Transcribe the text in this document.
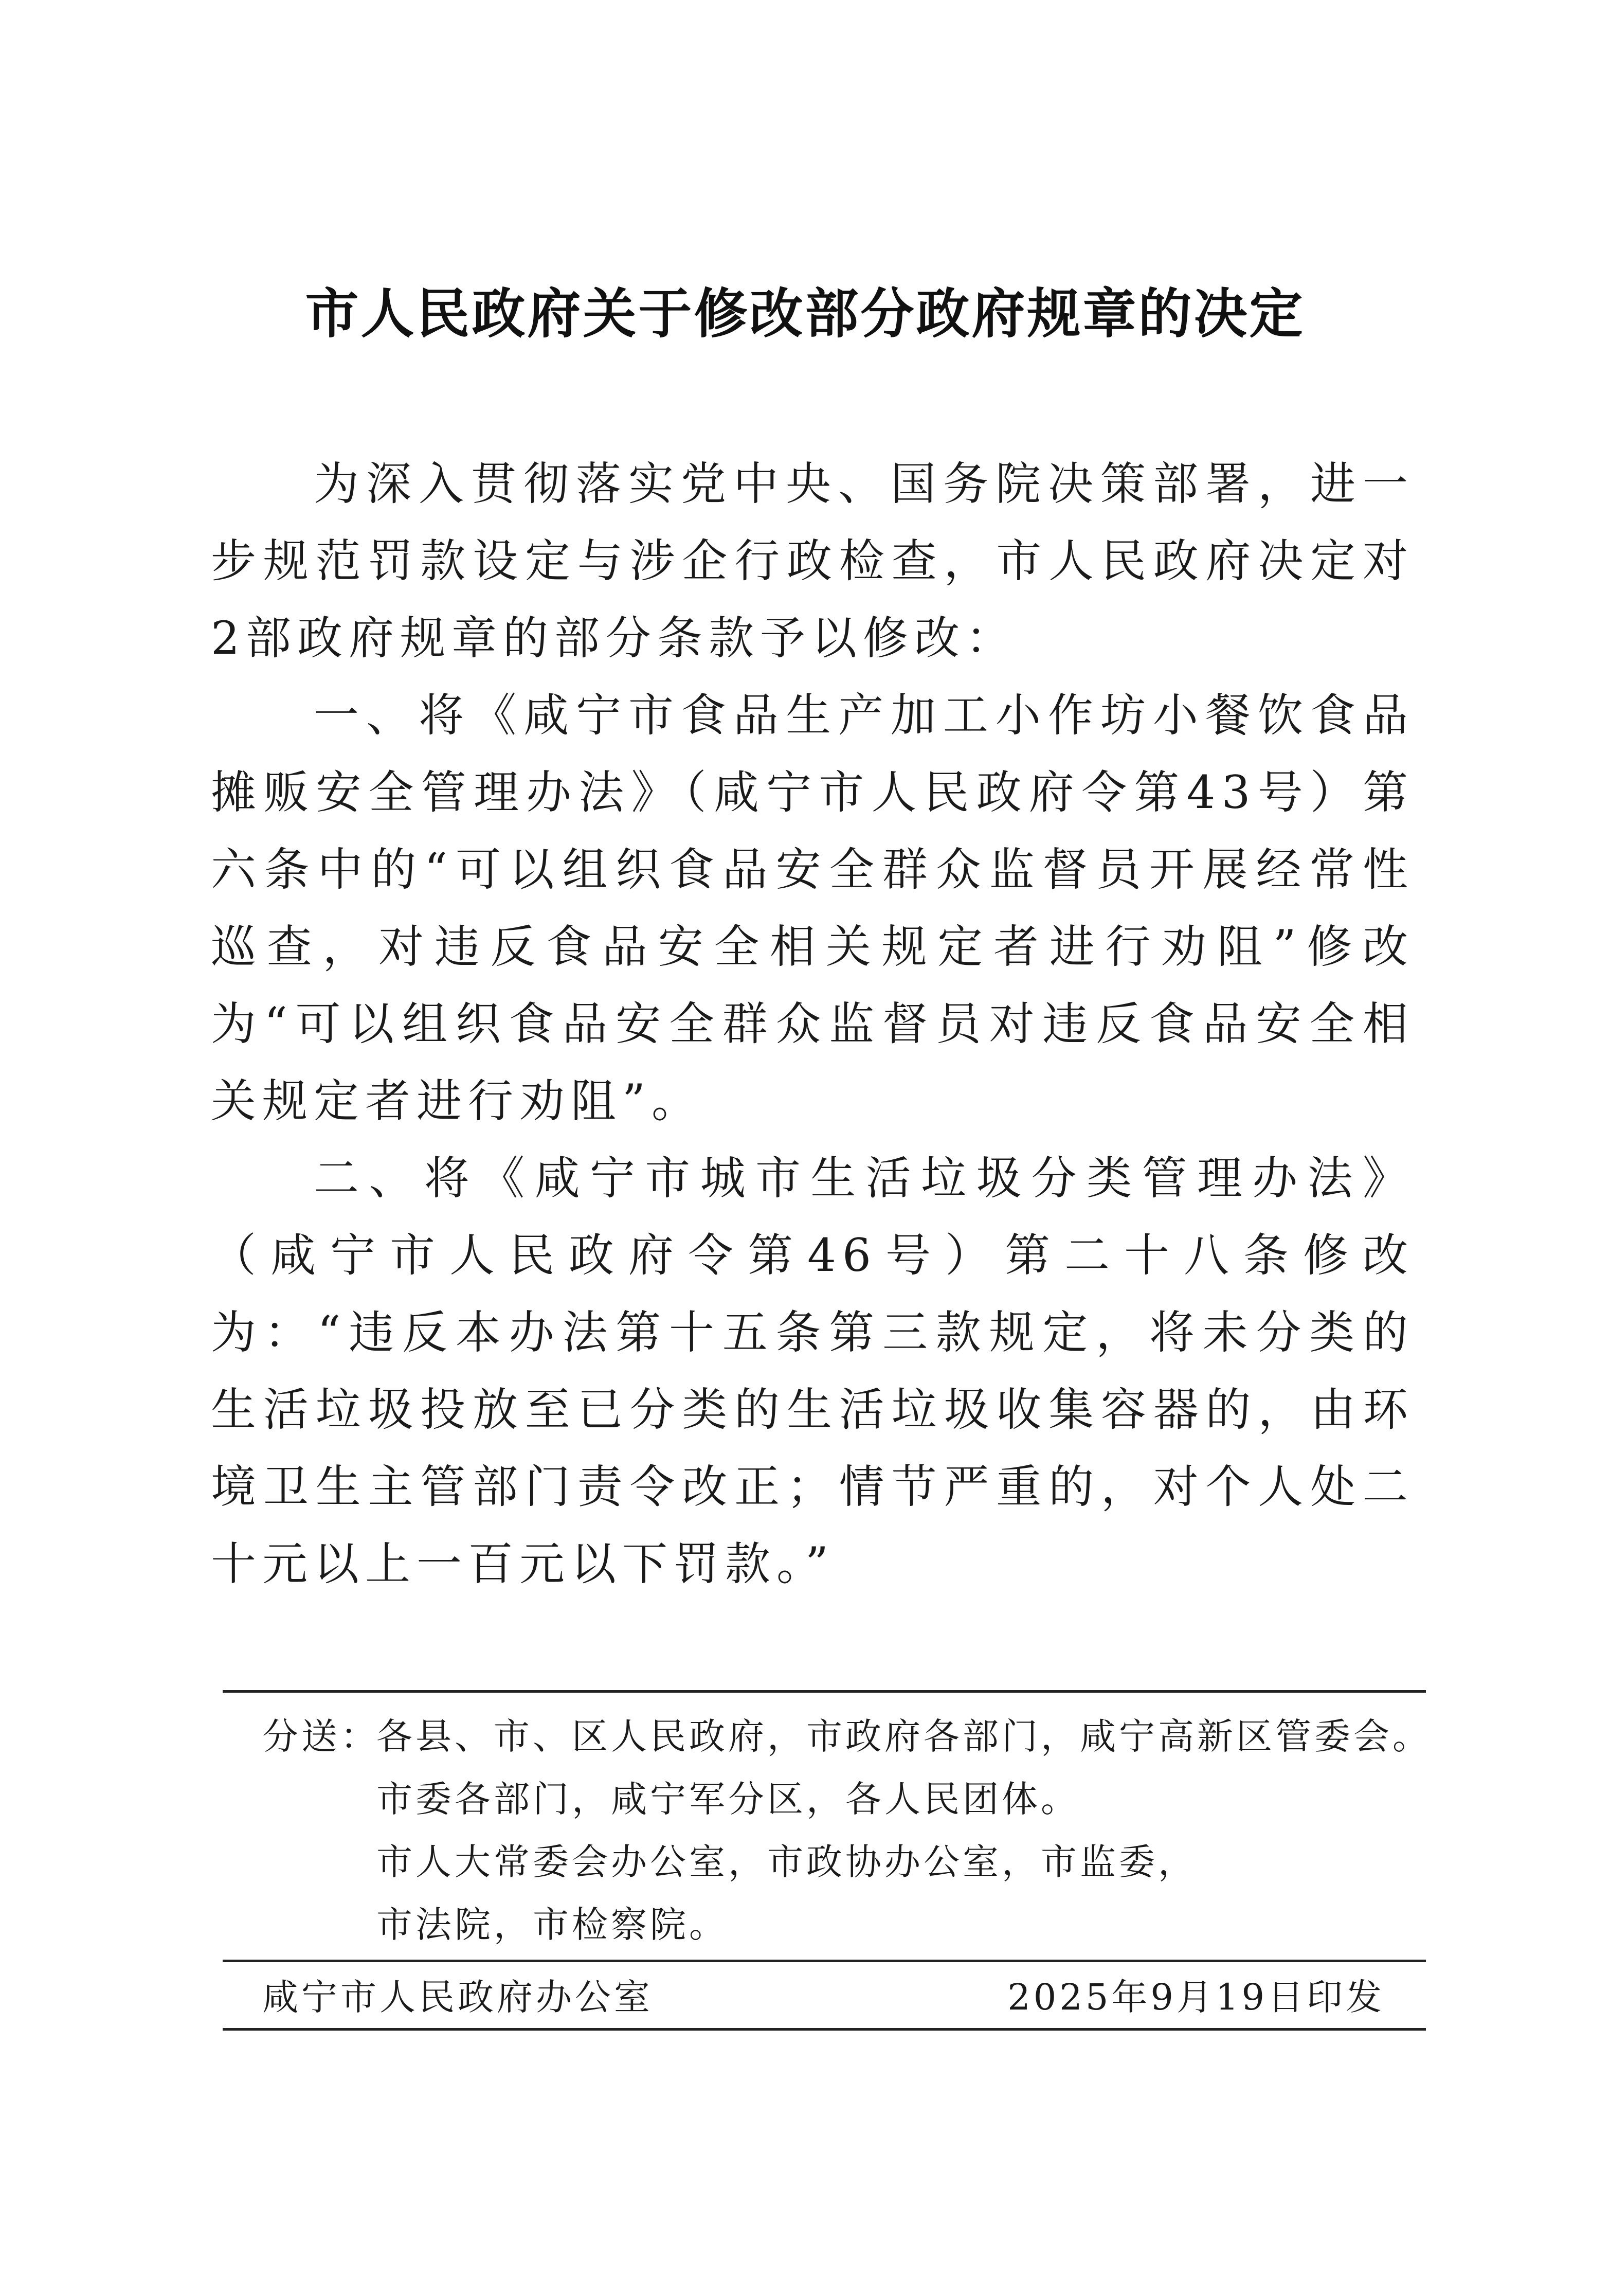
市人民政府关于修改部分政府规章的决定

为深入贯彻落实党中央、国务院决策部署，进一步规范罚款设定与涉企行政检查，市人民政府决定对2部政府规章的部分条款予以修改：

一、将《咸宁市食品生产加工小作坊小餐饮食品摊贩安全管理办法》（咸宁市人民政府令第43号）第六条中的“可以组织食品安全群众监督员开展经常性巡查，对违反食品安全相关规定者进行劝阻”修改为“可以组织食品安全群众监督员对违反食品安全相关规定者进行劝阻”。

二、将《咸宁市城市生活垃圾分类管理办法》（咸宁市人民政府令第46号）第二十八条修改为：“违反本办法第十五条第三款规定，将未分类的生活垃圾投放至已分类的生活垃圾收集容器的，由环境卫生主管部门责令改正；情节严重的，对个人处二十元以上一百元以下罚款。”

分送：
各县、市、区人民政府，市政府各部门，咸宁高新区管委会。
市委各部门，咸宁军分区，各人民团体。
市人大常委会办公室，市政协办公室，市监委，
市法院，市检察院。
咸宁市人民政府办公室	2025年9月19日印发
